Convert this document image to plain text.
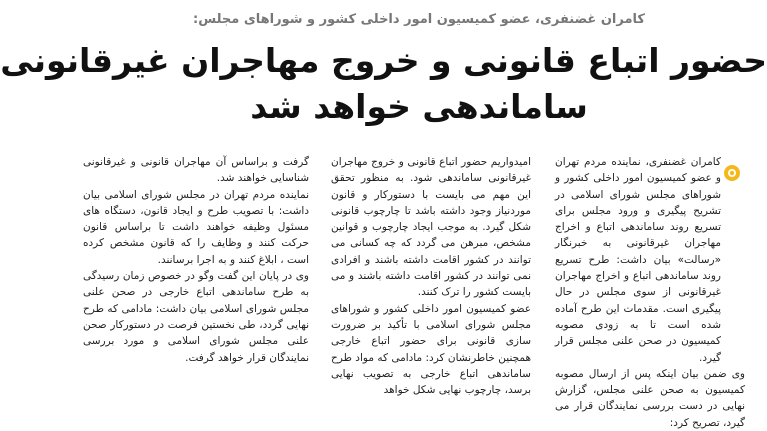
کامران غضنفری، عضو کمیسیون امور داخلی کشور و شوراهای مجلس:
حضور اتباع قانونی و خروج مهاجران غیرقانونی
ساماندهی خواهد شد

کامران غضنفری، نماینده مردم تهران و عضو کمیسیون امور داخلی کشور و شوراهای مجلس شورای اسلامی در تشریح پیگیری و ورود مجلس برای تسریع روند ساماندهی اتباع و اخراج مهاجران غیرقانونی به خبرنگار «رسالت» بیان داشت: طرح تسریع روند ساماندهی اتباع و اخراج مهاجران غیرقانونی از سوی مجلس در حال پیگیری است. مقدمات این طرح آماده شده است تا به زودی مصوبه کمیسیون در صحن علنی مجلس قرار گیرد.

وی ضمن بیان اینکه پس از ارسال مصوبه کمیسیون به صحن علنی مجلس، گزارش نهایی در دست بررسی نمایندگان قرار می گیرد، تصریح کرد:

امیدواریم حضور اتباع قانونی و خروج مهاجران غیرقانونی ساماندهی شود. به منظور تحقق این مهم می بایست با دستورکار و قانون موردنیاز وجود داشته باشد تا چارچوب قانونی شکل گیرد. به موجب ایجاد چارچوب و قوانین مشخص، مبرهن می گردد که چه کسانی می توانند در کشور اقامت داشته باشند و افرادی نمی توانند در کشور اقامت داشته باشند و می بایست کشور را ترک کنند.

عضو کمیسیون امور داخلی کشور و شوراهای مجلس شورای اسلامی با تأکید بر ضرورت سازی قانونی برای حضور اتباع خارجی همچنین خاطرنشان کرد: مادامی که مواد طرح ساماندهی اتباع خارجی به تصویب نهایی برسد، چارچوب نهایی شکل خواهد

گرفت و براساس آن مهاجران قانونی و غیرقانونی شناسایی خواهند شد.

نماینده مردم تهران در مجلس شورای اسلامی بیان داشت: با تصویب طرح و ایجاد قانون، دستگاه های مسئول وظیفه خواهند داشت تا براساس قانون حرکت کنند و وظایف را که قانون مشخص کرده است ، ابلاغ کنند و به اجرا برسانند.

وی در پایان این گفت وگو در خصوص زمان رسیدگی به طرح ساماندهی اتباع خارجی در صحن علنی مجلس شورای اسلامی بیان داشت: مادامی که طرح نهایی گردد، طی نخستین فرصت در دستورکار صحن علنی مجلس شورای اسلامی و مورد بررسی نمایندگان قرار خواهد گرفت.
